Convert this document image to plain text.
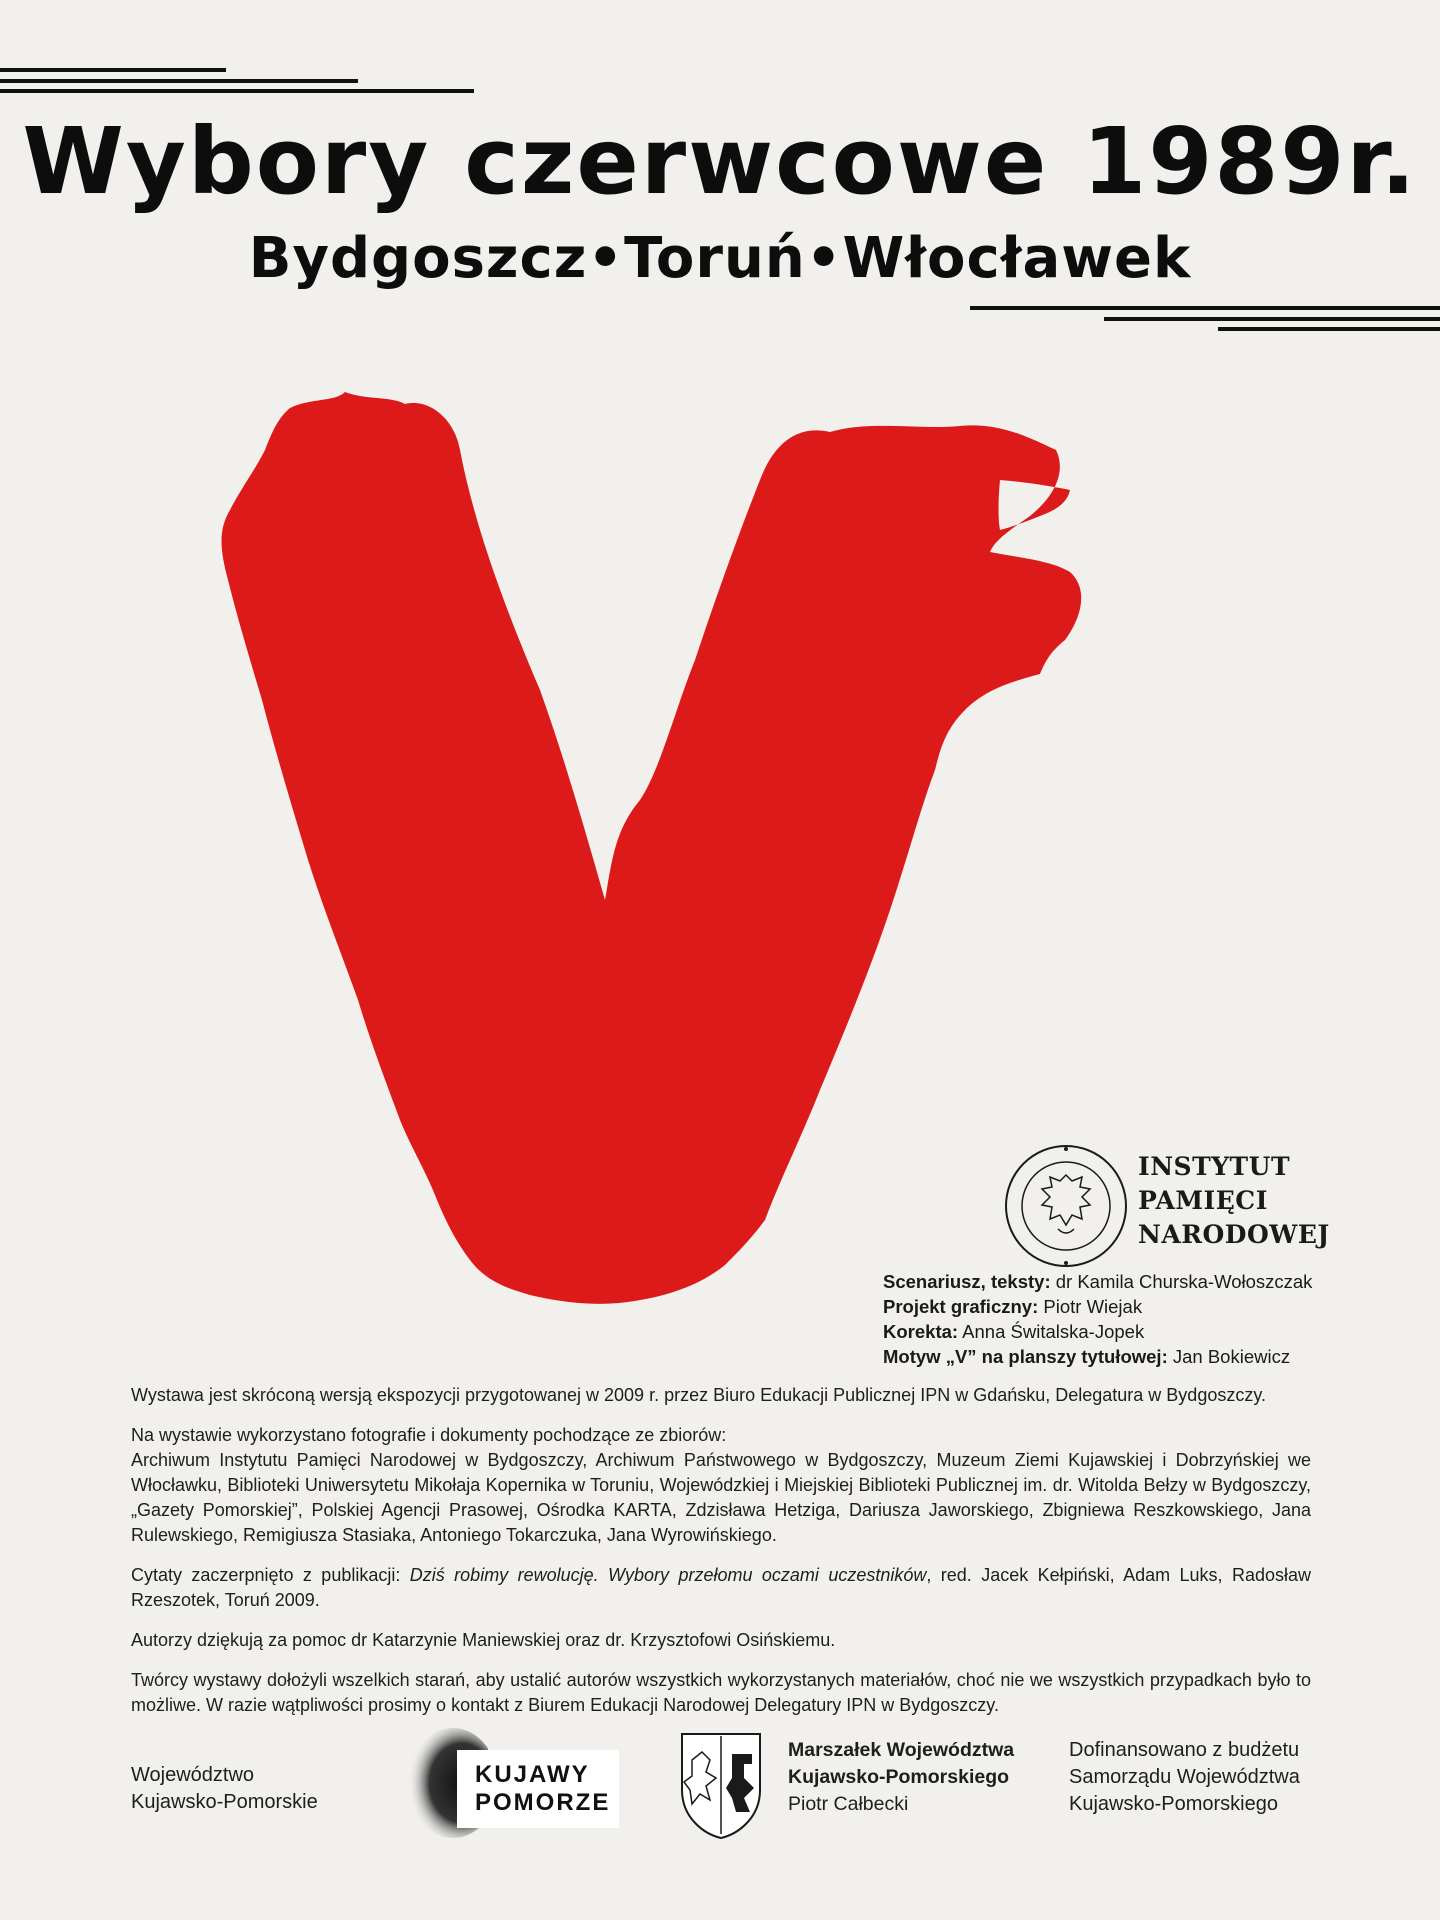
Wybory czerwcowe 1989r.
Bydgoszcz•Toruń•Włocławek
INSTYTUT
PAMIĘCI
NARODOWEJ
Scenariusz, teksty: dr Kamila Churska-Wołoszczak
Projekt graficzny: Piotr Wiejak
Korekta: Anna Świtalska-Jopek
Motyw „V” na planszy tytułowej: Jan Bokiewicz

Wystawa jest skróconą wersją ekspozycji przygotowanej w 2009 r. przez Biuro Edukacji Publicznej IPN w Gdańsku, Delegatura w Bydgoszczy.

Na wystawie wykorzystano fotografie i dokumenty pochodzące ze zbiorów:

Archiwum Instytutu Pamięci Narodowej w Bydgoszczy, Archiwum Państwowego w Bydgoszczy, Muzeum Ziemi Kujawskiej i Dobrzyńskiej we Włocławku, Biblioteki Uniwersytetu Mikołaja Kopernika w Toruniu, Wojewódzkiej i Miejskiej Biblioteki Publicznej im. dr. Witolda Bełzy w Bydgoszczy, „Gazety Pomorskiej”, Polskiej Agencji Prasowej, Ośrodka KARTA, Zdzisława Hetziga, Dariusza Jaworskiego, Zbigniewa Reszkowskiego, Jana Rulewskiego, Remigiusza Stasiaka, Antoniego Tokarczuka, Jana Wyrowińskiego.

Cytaty zaczerpnięto z publikacji: Dziś robimy rewolucję. Wybory przełomu oczami uczestników, red. Jacek Kełpiński, Adam Luks, Radosław Rzeszotek, Toruń 2009.

Autorzy dziękują za pomoc dr Katarzynie Maniewskiej oraz dr. Krzysztofowi Osińskiemu.

Twórcy wystawy dołożyli wszelkich starań, aby ustalić autorów wszystkich wykorzystanych materiałów, choć nie we wszystkich przypadkach było to możliwe. W razie wątpliwości prosimy o kontakt z Biurem Edukacji Narodowej Delegatury IPN w Bydgoszczy.

Województwo
Kujawsko-Pomorskie
KUJAWY
POMORZE
Marszałek Województwa
Kujawsko-Pomorskiego
Piotr Całbecki
Dofinansowano z budżetu
Samorządu Województwa
Kujawsko-Pomorskiego
